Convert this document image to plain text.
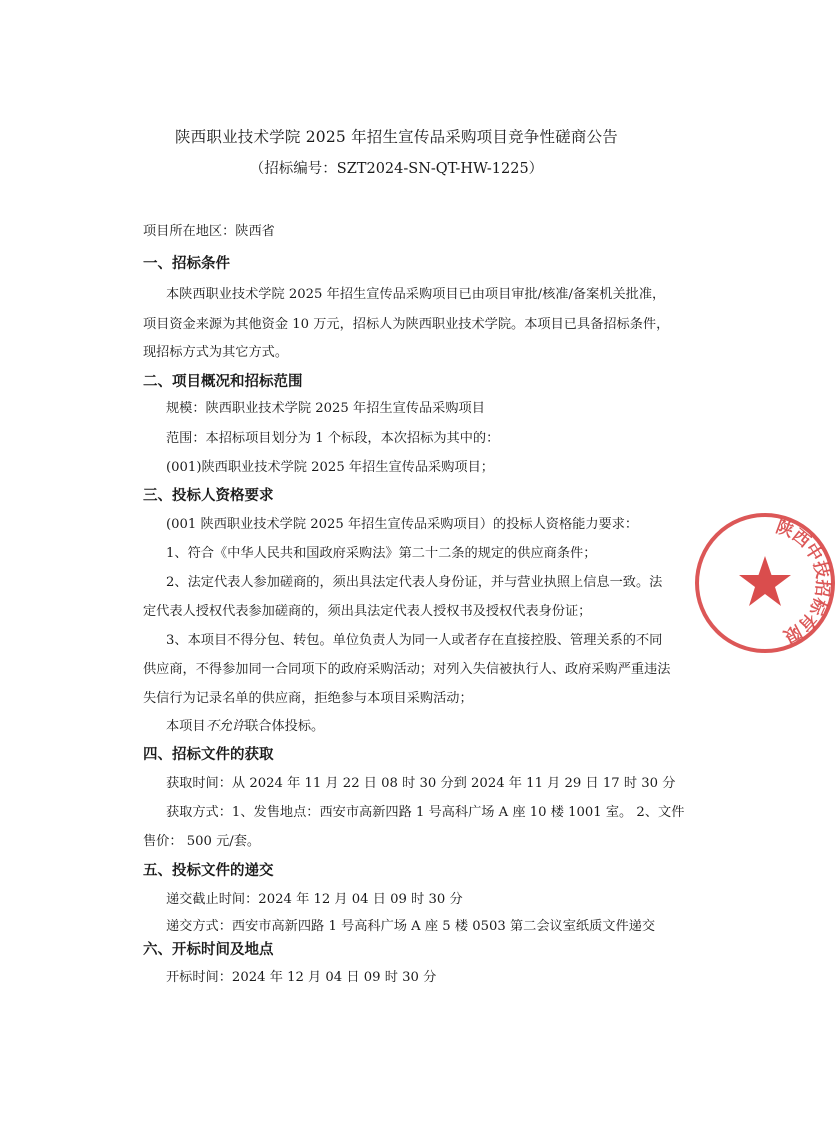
陕西职业技术学院 2025 年招生宣传品采购项目竞争性磋商公告
（招标编号：SZT2024-SN-QT-HW-1225）
项目所在地区：陕西省
一、招标条件
本陕西职业技术学院 2025 年招生宣传品采购项目已由项目审批/核准/备案机关批准，
项目资金来源为其他资金 10 万元，招标人为陕西职业技术学院。本项目已具备招标条件，
现招标方式为其它方式。
二、项目概况和招标范围
规模：陕西职业技术学院 2025 年招生宣传品采购项目
范围：本招标项目划分为 1 个标段，本次招标为其中的：
(001)陕西职业技术学院 2025 年招生宣传品采购项目；
三、投标人资格要求
(001 陕西职业技术学院 2025 年招生宣传品采购项目）的投标人资格能力要求：
1、符合《中华人民共和国政府采购法》第二十二条的规定的供应商条件；
2、法定代表人参加磋商的，须出具法定代表人身份证，并与营业执照上信息一致。法
定代表人授权代表参加磋商的，须出具法定代表人授权书及授权代表身份证；
3、本项目不得分包、转包。单位负责人为同一人或者存在直接控股、管理关系的不同
供应商，不得参加同一合同项下的政府采购活动；对列入失信被执行人、政府采购严重违法
失信行为记录名单的供应商，拒绝参与本项目采购活动；
本项目不允许联合体投标。
四、招标文件的获取
获取时间：从 2024 年 11 月 22 日 08 时 30 分到 2024 年 11 月 29 日 17 时 30 分
获取方式：1、发售地点：西安市高新四路 1 号高科广场 A 座 10 楼 1001 室。 2、文件
售价： 500 元/套。
五、投标文件的递交
递交截止时间：2024 年 12 月 04 日 09 时 30 分
递交方式：西安市高新四路 1 号高科广场 A 座 5 楼 0503 第二会议室纸质文件递交
六、开标时间及地点
开标时间：2024 年 12 月 04 日 09 时 30 分
陕西中技招标有限
